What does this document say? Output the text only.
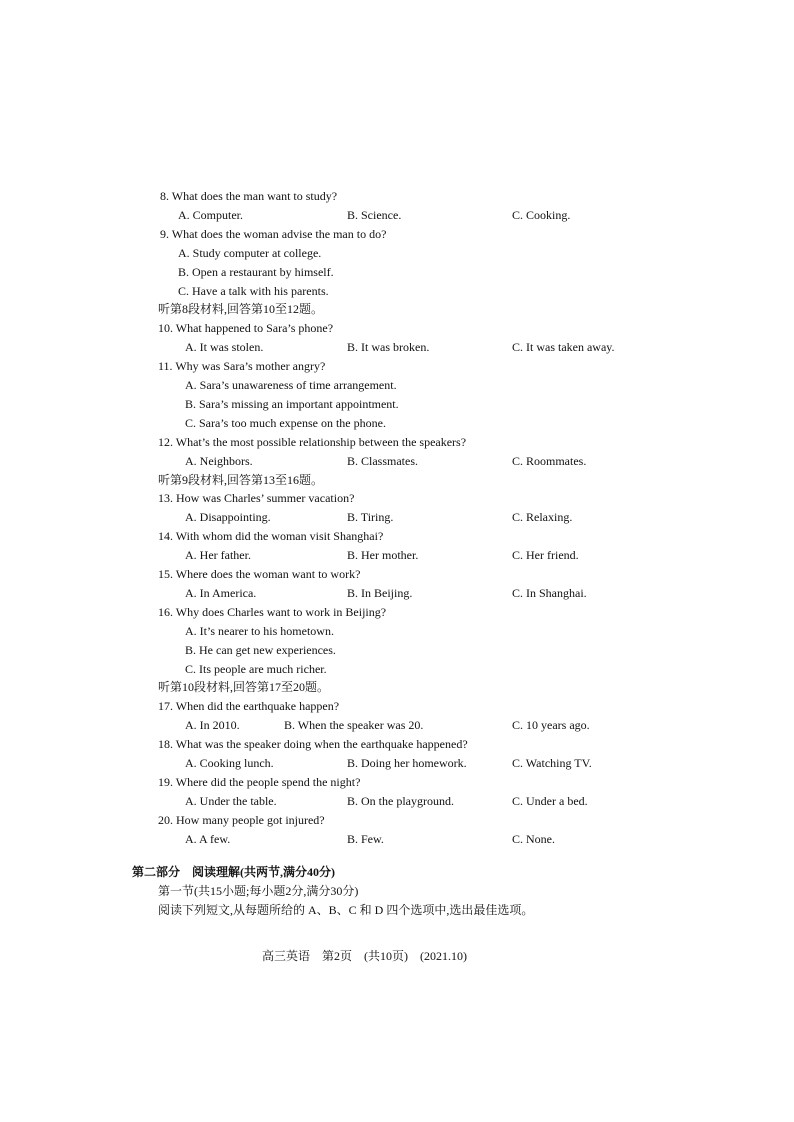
8. What does the man want to study?
A. Computer.	B. Science.	C. Cooking.
9. What does the woman advise the man to do?
A. Study computer at college.
B. Open a restaurant by himself.
C. Have a talk with his parents.
听第8段材料,回答第10至12题。
10. What happened to Sara’s phone?
A. It was stolen.	B. It was broken.	C. It was taken away.
11. Why was Sara’s mother angry?
A. Sara’s unawareness of time arrangement.
B. Sara’s missing an important appointment.
C. Sara’s too much expense on the phone.
12. What’s the most possible relationship between the speakers?
A. Neighbors.	B. Classmates.	C. Roommates.
听第9段材料,回答第13至16题。
13. How was Charles’ summer vacation?
A. Disappointing.	B. Tiring.	C. Relaxing.
14. With whom did the woman visit Shanghai?
A. Her father.	B. Her mother.	C. Her friend.
15. Where does the woman want to work?
A. In America.	B. In Beijing.	C. In Shanghai.
16. Why does Charles want to work in Beijing?
A. It’s nearer to his hometown.
B. He can get new experiences.
C. Its people are much richer.
听第10段材料,回答第17至20题。
17. When did the earthquake happen?
A. In 2010.	B. When the speaker was 20.	C. 10 years ago.
18. What was the speaker doing when the earthquake happened?
A. Cooking lunch.	B. Doing her homework.	C. Watching TV.
19. Where did the people spend the night?
A. Under the table.	B. On the playground.	C. Under a bed.
20. How many people got injured?
A. A few.	B. Few.	C. None.
第二部分　阅读理解(共两节,满分40分)
第一节(共15小题;每小题2分,满分30分)
阅读下列短文,从每题所给的 A、B、C 和 D 四个选项中,选出最佳选项。
高三英语　第2页　(共10页)　(2021.10)
